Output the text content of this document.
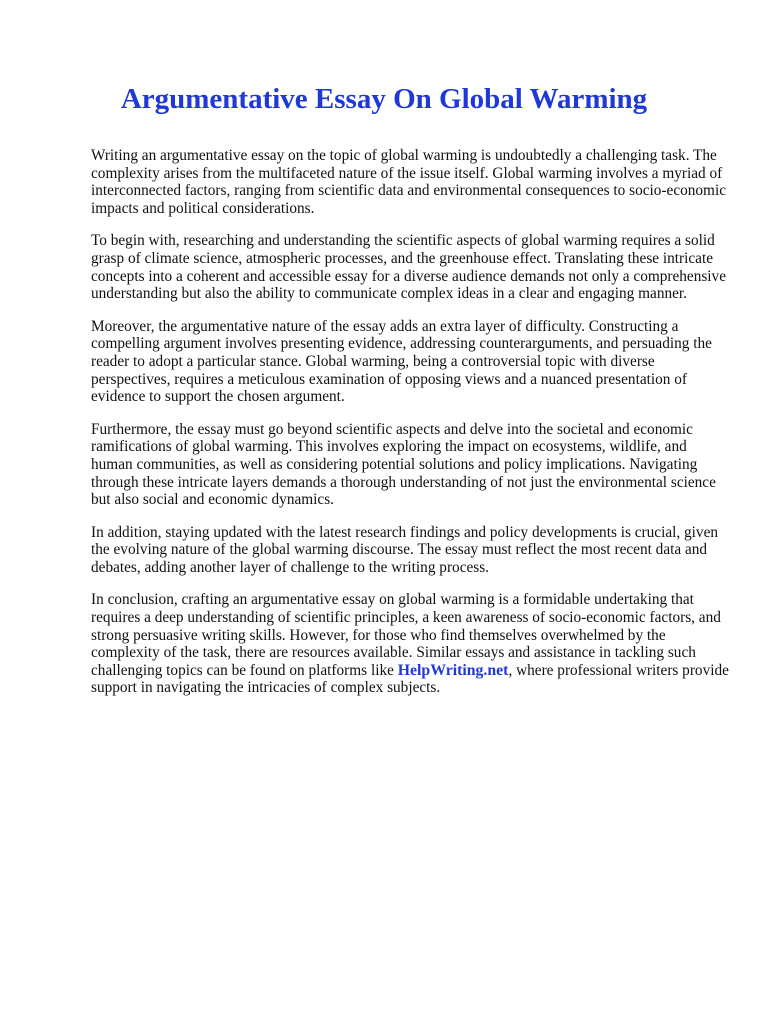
Argumentative Essay On Global Warming

Writing an argumentative essay on the topic of global warming is undoubtedly a challenging task. The complexity arises from the multifaceted nature of the issue itself. Global warming involves a myriad of interconnected factors, ranging from scientific data and environmental consequences to socio-economic impacts and political considerations.

To begin with, researching and understanding the scientific aspects of global warming requires a solid grasp of climate science, atmospheric processes, and the greenhouse effect. Translating these intricate concepts into a coherent and accessible essay for a diverse audience demands not only a comprehensive understanding but also the ability to communicate complex ideas in a clear and engaging manner.

Moreover, the argumentative nature of the essay adds an extra layer of difficulty. Constructing a compelling argument involves presenting evidence, addressing counterarguments, and persuading the reader to adopt a particular stance. Global warming, being a controversial topic with diverse perspectives, requires a meticulous examination of opposing views and a nuanced presentation of evidence to support the chosen argument.

Furthermore, the essay must go beyond scientific aspects and delve into the societal and economic ramifications of global warming. This involves exploring the impact on ecosystems, wildlife, and human communities, as well as considering potential solutions and policy implications. Navigating through these intricate layers demands a thorough understanding of not just the environmental science but also social and economic dynamics.

In addition, staying updated with the latest research findings and policy developments is crucial, given the evolving nature of the global warming discourse. The essay must reflect the most recent data and debates, adding another layer of challenge to the writing process.

In conclusion, crafting an argumentative essay on global warming is a formidable undertaking that requires a deep understanding of scientific principles, a keen awareness of socio-economic factors, and strong persuasive writing skills. However, for those who find themselves overwhelmed by the complexity of the task, there are resources available. Similar essays and assistance in tackling such challenging topics can be found on platforms like HelpWriting.net, where professional writers provide support in navigating the intricacies of complex subjects.
